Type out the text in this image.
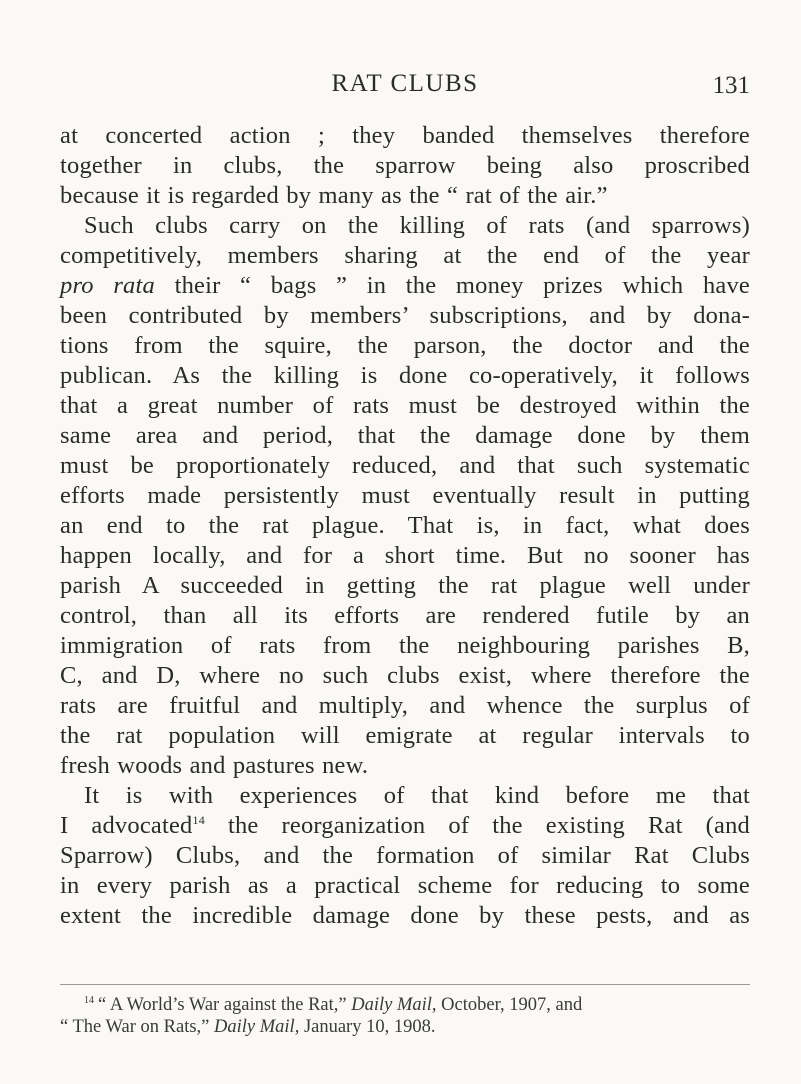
RAT CLUBS	131
at concerted action ; they banded themselves therefore
together in clubs, the sparrow being also proscribed
because it is regarded by many as the “ rat of the air.”
Such clubs carry on the killing of rats (and sparrows)
competitively, members sharing at the end of the year
pro rata their “ bags ” in the money prizes which have
been contributed by members’ subscriptions, and by dona-
tions from the squire, the parson, the doctor and the
publican. As the killing is done co-operatively, it follows
that a great number of rats must be destroyed within the
same area and period, that the damage done by them
must be proportionately reduced, and that such systematic
efforts made persistently must eventually result in putting
an end to the rat plague. That is, in fact, what does
happen locally, and for a short time. But no sooner has
parish A succeeded in getting the rat plague well under
control, than all its efforts are rendered futile by an
immigration of rats from the neighbouring parishes B,
C, and D, where no such clubs exist, where therefore the
rats are fruitful and multiply, and whence the surplus of
the rat population will emigrate at regular intervals to
fresh woods and pastures new.
It is with experiences of that kind before me that
I advocated$^{14}$ the reorganization of the existing Rat (and
Sparrow) Clubs, and the formation of similar Rat Clubs
in every parish as a practical scheme for reducing to some
extent the incredible damage done by these pests, and as
$^{14}$ “ A World’s War against the Rat,” Daily Mail, October, 1907, and
“ The War on Rats,” Daily Mail, January 10, 1908.
